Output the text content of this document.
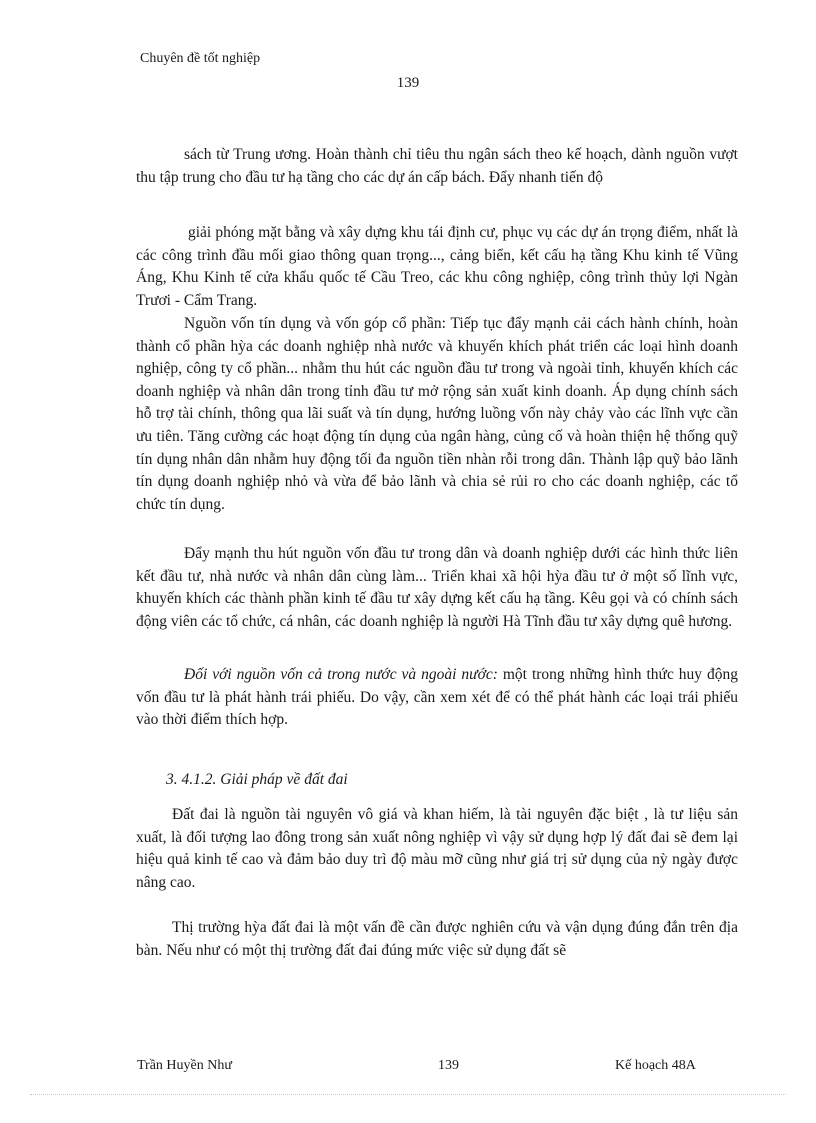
Chuyên đề tốt nghiệp
139

sách từ Trung ương. Hoàn thành chỉ tiêu thu ngân sách theo kế hoạch, dành nguồn vượt thu tập trung cho đầu tư hạ tầng cho các dự án cấp bách. Đẩy nhanh tiến độ

giải phóng mặt bằng và xây dựng khu tái định cư, phục vụ các dự án trọng điểm, nhất là các công trình đầu mối giao thông quan trọng..., cảng biển, kết cấu hạ tầng Khu kinh tế Vũng Áng, Khu Kinh tế cửa khẩu quốc tế Cầu Treo, các khu công nghiệp, công trình thủy lợi Ngàn Trươi - Cẩm Trang.

Nguồn vốn tín dụng và vốn góp cổ phần: Tiếp tục đẩy mạnh cải cách hành chính, hoàn thành cổ phần hỳa các doanh nghiệp nhà nước và khuyến khích phát triển các loại hình doanh nghiệp, công ty cổ phần... nhằm thu hút các nguồn đầu tư trong và ngoài tỉnh, khuyến khích các doanh nghiệp và nhân dân trong tỉnh đầu tư mở rộng sản xuất kinh doanh. Áp dụng chính sách hỗ trợ tài chính, thông qua lãi suất và tín dụng, hướng luồng vốn này chảy vào các lĩnh vực cần ưu tiên. Tăng cường các hoạt động tín dụng của ngân hàng, củng cố và hoàn thiện hệ thống quỹ tín dụng nhân dân nhằm huy động tối đa nguồn tiền nhàn rỗi trong dân. Thành lập quỹ bảo lãnh tín dụng doanh nghiệp nhỏ và vừa để bảo lãnh và chia sẻ rủi ro cho các doanh nghiệp, các tổ chức tín dụng.

Đẩy mạnh thu hút nguồn vốn đầu tư trong dân và doanh nghiệp dưới các hình thức liên kết đầu tư, nhà nước và nhân dân cùng làm... Triển khai xã hội hỳa đầu tư ở một số lĩnh vực, khuyến khích các thành phần kinh tế đầu tư xây dựng kết cấu hạ tầng. Kêu gọi và có chính sách động viên các tổ chức, cá nhân, các doanh nghiệp là người Hà Tĩnh đầu tư xây dựng quê hương.

Đối với nguồn vốn cả trong nước và ngoài nước: một trong những hình thức huy động vốn đầu tư là phát hành trái phiếu. Do vậy, cần xem xét để có thể phát hành các loại trái phiếu vào thời điểm thích hợp.

3. 4.1.2. Giải pháp về đất đai

Đất đai là nguồn tài nguyên vô giá và khan hiếm, là tài nguyên đặc biệt , là tư liệu sản xuất, là đối tượng lao đông trong sản xuất nông nghiệp vì vậy sử dụng hợp lý đất đai sẽ đem lại hiệu quả kinh tế cao và đảm bảo duy trì độ màu mỡ cũng như giá trị sử dụng của nỳ ngày được nâng cao.

Thị trường hỳa đất đai là một vấn đề cần được nghiên cứu và vận dụng đúng đắn trên địa bàn. Nếu như có một thị trường đất đai đúng mức việc sử dụng đất sẽ

Trần Huyền Như	139	Kế hoạch 48A
